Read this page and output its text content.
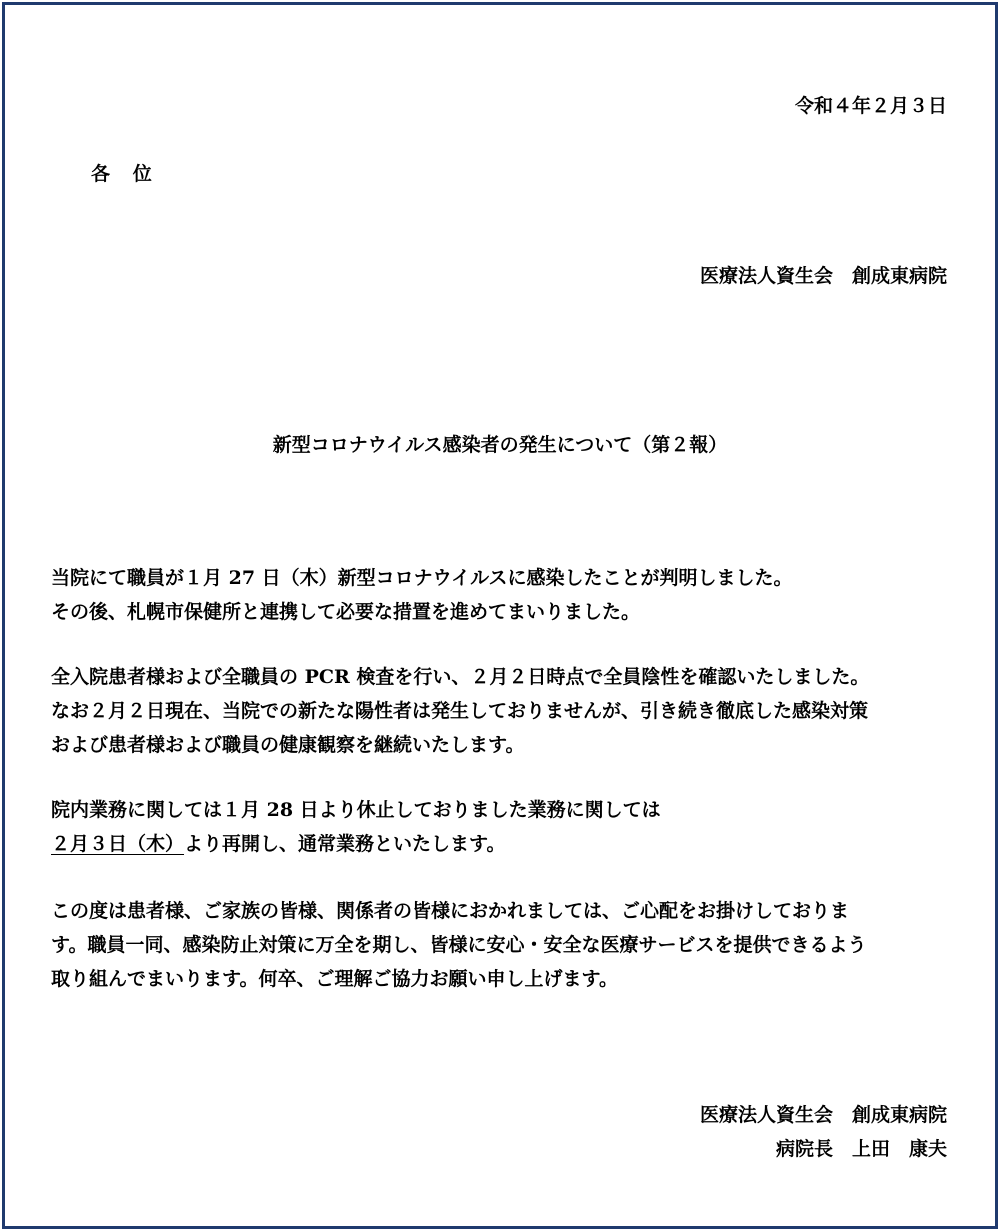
令和４年２月３日
各　位
医療法人資生会　創成東病院
新型コロナウイルス感染者の発生について（第２報）
当院にて職員が１月 27 日（木）新型コロナウイルスに感染したことが判明しました。
その後、札幌市保健所と連携して必要な措置を進めてまいりました。
全入院患者様および全職員の PCR 検査を行い、２月２日時点で全員陰性を確認いたしました。
なお２月２日現在、当院での新たな陽性者は発生しておりませんが、引き続き徹底した感染対策
および患者様および職員の健康観察を継続いたします。
院内業務に関しては１月 28 日より休止しておりました業務に関しては
２月３日（木）より再開し、通常業務といたします。
この度は患者様、ご家族の皆様、関係者の皆様におかれましては、ご心配をお掛けしておりま
す。職員一同、感染防止対策に万全を期し、皆様に安心・安全な医療サービスを提供できるよう
取り組んでまいります。何卒、ご理解ご協力お願い申し上げます。
医療法人資生会　創成東病院
病院長　上田　康夫
